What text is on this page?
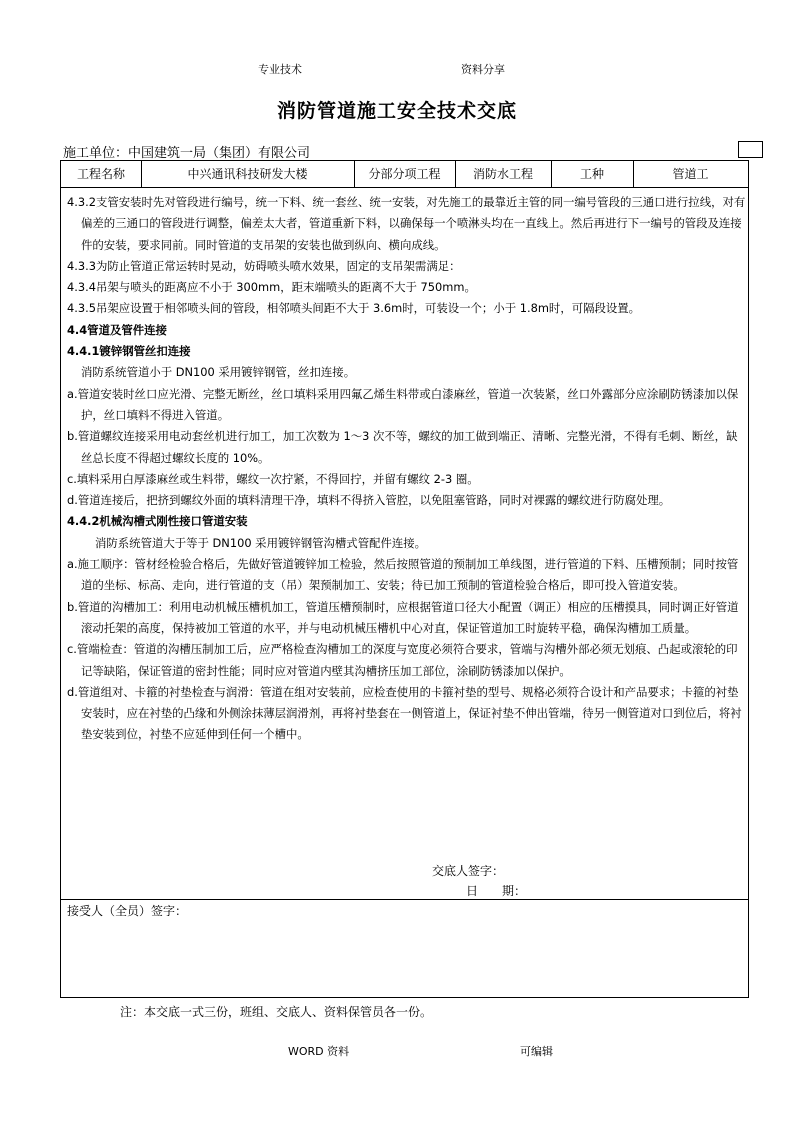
专业技术	资料分享
消防管道施工安全技术交底
施工单位：中国建筑一局（集团）有限公司
工程名称	中兴通讯科技研发大楼	分部分项工程	消防水工程	工种	管道工

4.3.2支管安装时先对管段进行编号，统一下料、统一套丝、统一安装，对先施工的最靠近主管的同一编号管段的三通口进行拉线，对有偏差的三通口的管段进行调整，偏差太大者，管道重新下料，以确保每一个喷淋头均在一直线上。然后再进行下一编号的管段及连接件的安装，要求同前。同时管道的支吊架的安装也做到纵向、横向成线。

4.3.3为防止管道正常运转时晃动，妨碍喷头喷水效果，固定的支吊架需满足：

4.3.4吊架与喷头的距离应不小于 300mm，距末端喷头的距离不大于 750mm。

4.3.5吊架应设置于相邻喷头间的管段，相邻喷头间距不大于 3.6m时，可装设一个；小于 1.8m时，可隔段设置。

4.4管道及管件连接

4.4.1镀锌钢管丝扣连接

消防系统管道小于 DN100 采用镀锌钢管，丝扣连接。

a.管道安装时丝口应光滑、完整无断丝，丝口填料采用四氟乙烯生料带或白漆麻丝，管道一次装紧，丝口外露部分应涂刷防锈漆加以保护，丝口填料不得进入管道。

b.管道螺纹连接采用电动套丝机进行加工，加工次数为 1～3 次不等，螺纹的加工做到端正、清晰、完整光滑，不得有毛刺、断丝，缺丝总长度不得超过螺纹长度的 10%。

c.填料采用白厚漆麻丝或生料带，螺纹一次拧紧，不得回拧，并留有螺纹 2-3 圈。

d.管道连接后，把挤到螺纹外面的填料清理干净，填料不得挤入管腔，以免阻塞管路，同时对裸露的螺纹进行防腐处理。

4.4.2机械沟槽式刚性接口管道安装

消防系统管道大于等于 DN100 采用镀锌钢管沟槽式管配件连接。

a.施工顺序：管材经检验合格后，先做好管道镀锌加工检验，然后按照管道的预制加工单线图，进行管道的下料、压槽预制；同时按管道的坐标、标高、走向，进行管道的支（吊）架预制加工、安装；待已加工预制的管道检验合格后，即可投入管道安装。

b.管道的沟槽加工：利用电动机械压槽机加工，管道压槽预制时，应根据管道口径大小配置（调正）相应的压槽摸具，同时调正好管道滚动托架的高度，保持被加工管道的水平，并与电动机械压槽机中心对直，保证管道加工时旋转平稳，确保沟槽加工质量。

c.管端检查：管道的沟槽压制加工后，应严格检查沟槽加工的深度与宽度必须符合要求，管端与沟槽外部必须无划痕、凸起或滚轮的印记等缺陷，保证管道的密封性能；同时应对管道内壁其沟槽挤压加工部位，涂刷防锈漆加以保护。

d.管道组对、卡箍的衬垫检查与润滑：管道在组对安装前，应检查使用的卡箍衬垫的型号、规格必须符合设计和产品要求；卡箍的衬垫安装时，应在衬垫的凸缘和外侧涂抹薄层润滑剂，再将衬垫套在一侧管道上，保证衬垫不伸出管端，待另一侧管道对口到位后，将衬垫安装到位，衬垫不应延伸到任何一个槽中。

交底人签字：
日　　期：
接受人（全员）签字：
注：本交底一式三份，班组、交底人、资料保管员各一份。
WORD 资料	可编辑
